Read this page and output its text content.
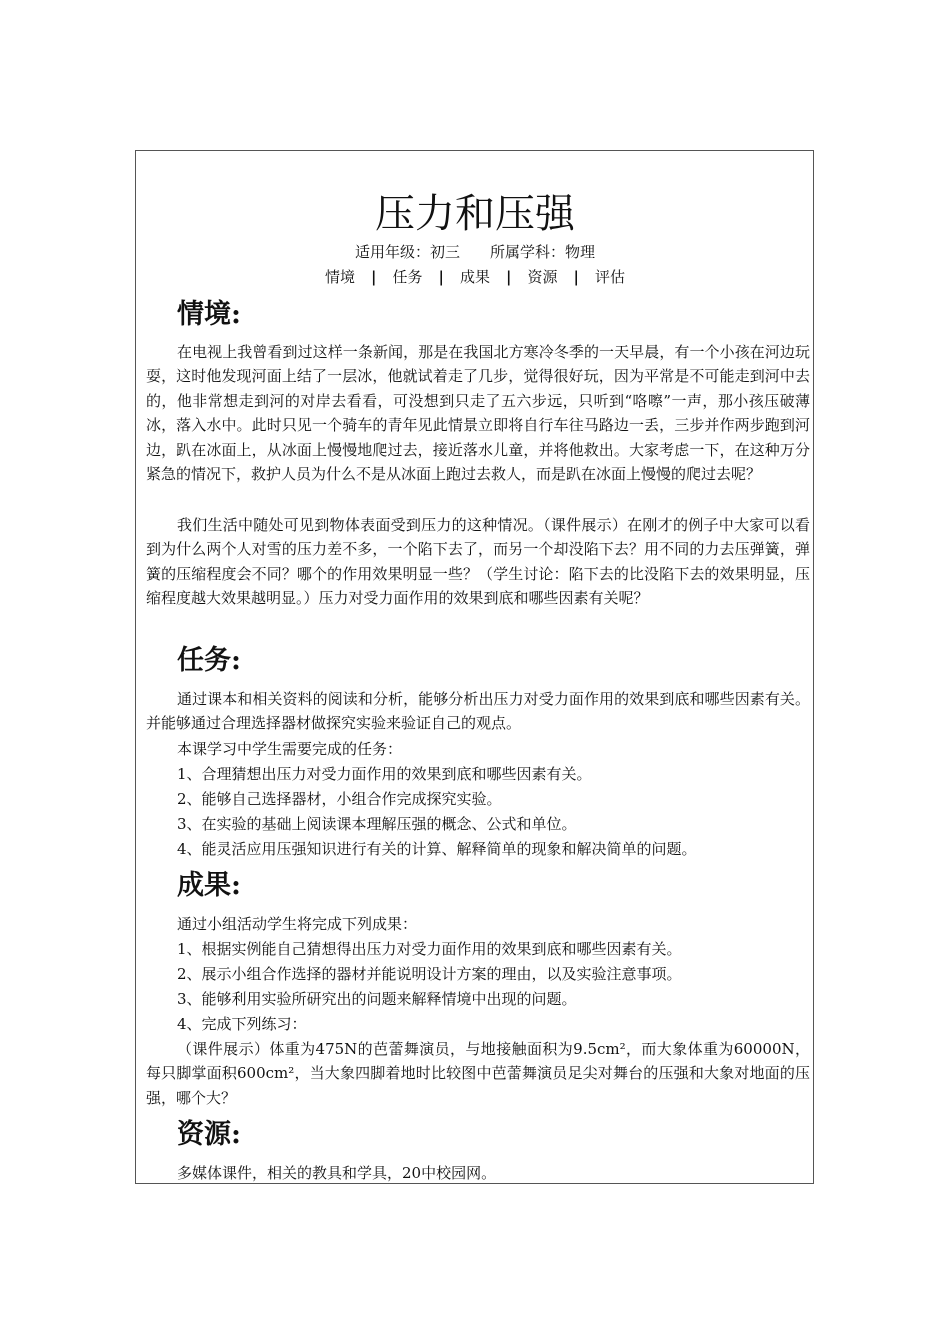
压力和压强
适用年级：初三 所属学科：物理
情境 | 任务 | 成果 | 资源 | 评估
情境:

在电视上我曾看到过这样一条新闻，那是在我国北方寒冷冬季的一天早晨，有一个小孩在河边玩耍，这时他发现河面上结了一层冰，他就试着走了几步，觉得很好玩，因为平常是不可能走到河中去的，他非常想走到河的对岸去看看，可没想到只走了五六步远，只听到“咯嚓”一声，那小孩压破薄冰，落入水中。此时只见一个骑车的青年见此情景立即将自行车往马路边一丢，三步并作两步跑到河边，趴在冰面上，从冰面上慢慢地爬过去，接近落水儿童，并将他救出。大家考虑一下，在这种万分紧急的情况下，救护人员为什么不是从冰面上跑过去救人，而是趴在冰面上慢慢的爬过去呢？

我们生活中随处可见到物体表面受到压力的这种情况。（课件展示）在刚才的例子中大家可以看到为什么两个人对雪的压力差不多，一个陷下去了，而另一个却没陷下去？用不同的力去压弹簧，弹簧的压缩程度会不同？哪个的作用效果明显一些？（学生讨论：陷下去的比没陷下去的效果明显，压缩程度越大效果越明显。）压力对受力面作用的效果到底和哪些因素有关呢？

任务:

通过课本和相关资料的阅读和分析，能够分析出压力对受力面作用的效果到底和哪些因素有关。并能够通过合理选择器材做探究实验来验证自己的观点。

本课学习中学生需要完成的任务：

1、合理猜想出压力对受力面作用的效果到底和哪些因素有关。

2、能够自己选择器材，小组合作完成探究实验。

3、在实验的基础上阅读课本理解压强的概念、公式和单位。

4、能灵活应用压强知识进行有关的计算、解释简单的现象和解决简单的问题。

成果:

通过小组活动学生将完成下列成果：

1、根据实例能自己猜想得出压力对受力面作用的效果到底和哪些因素有关。

2、展示小组合作选择的器材并能说明设计方案的理由，以及实验注意事项。

3、能够利用实验所研究出的问题来解释情境中出现的问题。

4、完成下列练习：

（课件展示）体重为475N的芭蕾舞演员，与地接触面积为9.5cm²，而大象体重为60000N，每只脚掌面积600cm²，当大象四脚着地时比较图中芭蕾舞演员足尖对舞台的压强和大象对地面的压强，哪个大？

资源:

多媒体课件，相关的教具和学具，20中校园网。
